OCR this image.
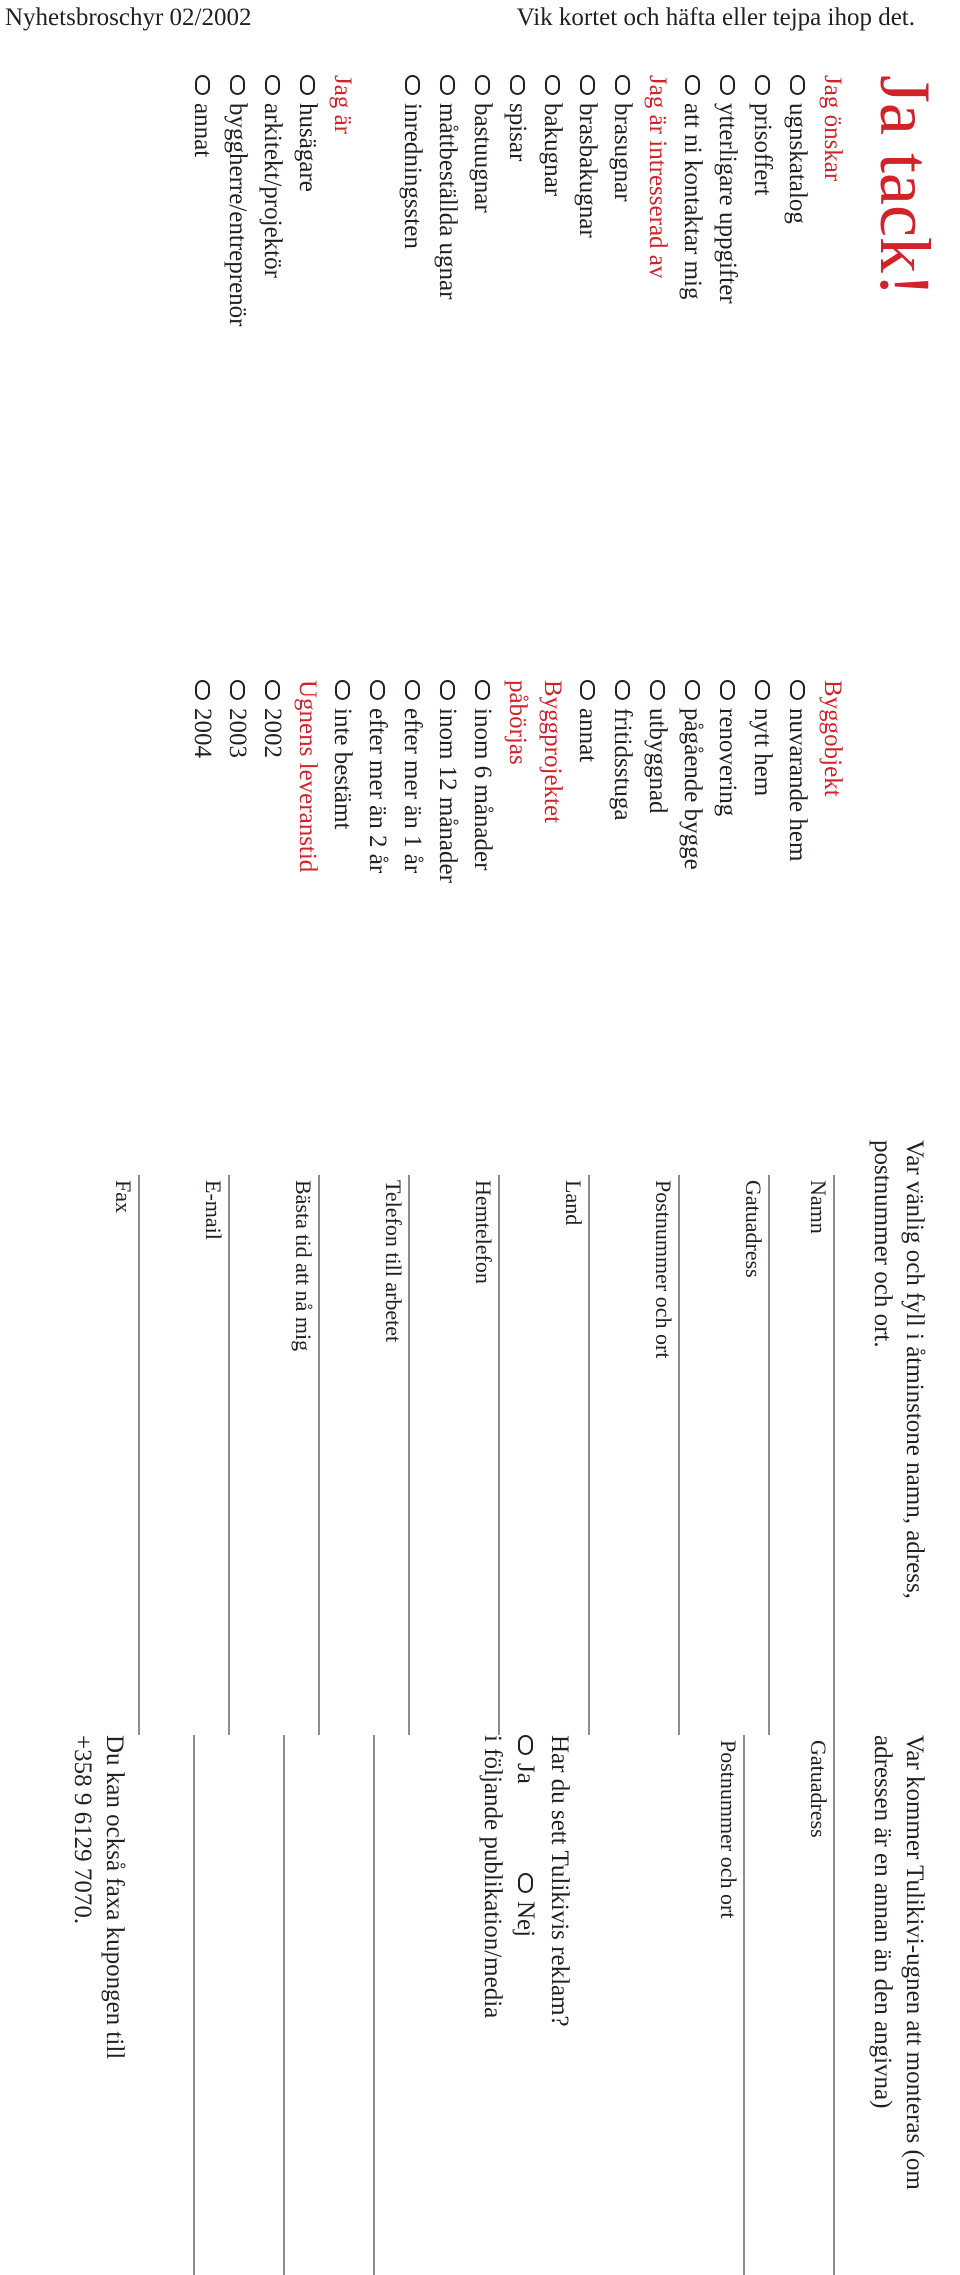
Nyhetsbroschyr 02/2002	Vik kortet och häfta eller tejpa ihop det.
Ja tack!
Jag önskar
ugnskatalog
prisoffert
ytterligare uppgifter
att ni kontaktar mig
Jag är intresserad av
brasugnar
brasbakugnar
bakugnar
spisar
bastuugnar
måttbeställda ugnar
inredningssten
Jag är
husägare
arkitekt/projektör
byggherre/entreprenör
annat
Byggobjekt
nuvarande hem
nytt hem
renovering
pågående bygge
utbyggnad
fritidsstuga
annat
Byggprojektet påbörjas
inom 6 månader
inom 12 månader
efter mer än 1 år
efter mer än 2 år
inte bestämt
Ugnens leveranstid
2002
2003
2004
Var vänlig och fyll i åtminstone namn, adress, postnummer och ort.
Namn
Gatuadress
Postnummer och ort
Land
Hemtelefon
Telefon till arbetet
Bästa tid att nå mig
E-mail
Fax
Var kommer Tulikivi-ugnen att monteras (om adressen är en annan än den angivna)
Gatuadress
Postnummer och ort
Har du sett Tulikivis reklam?
Ja
Nej
i följande publikation/media
Du kan också faxa kupongen till
+358 9 6129 7070.
